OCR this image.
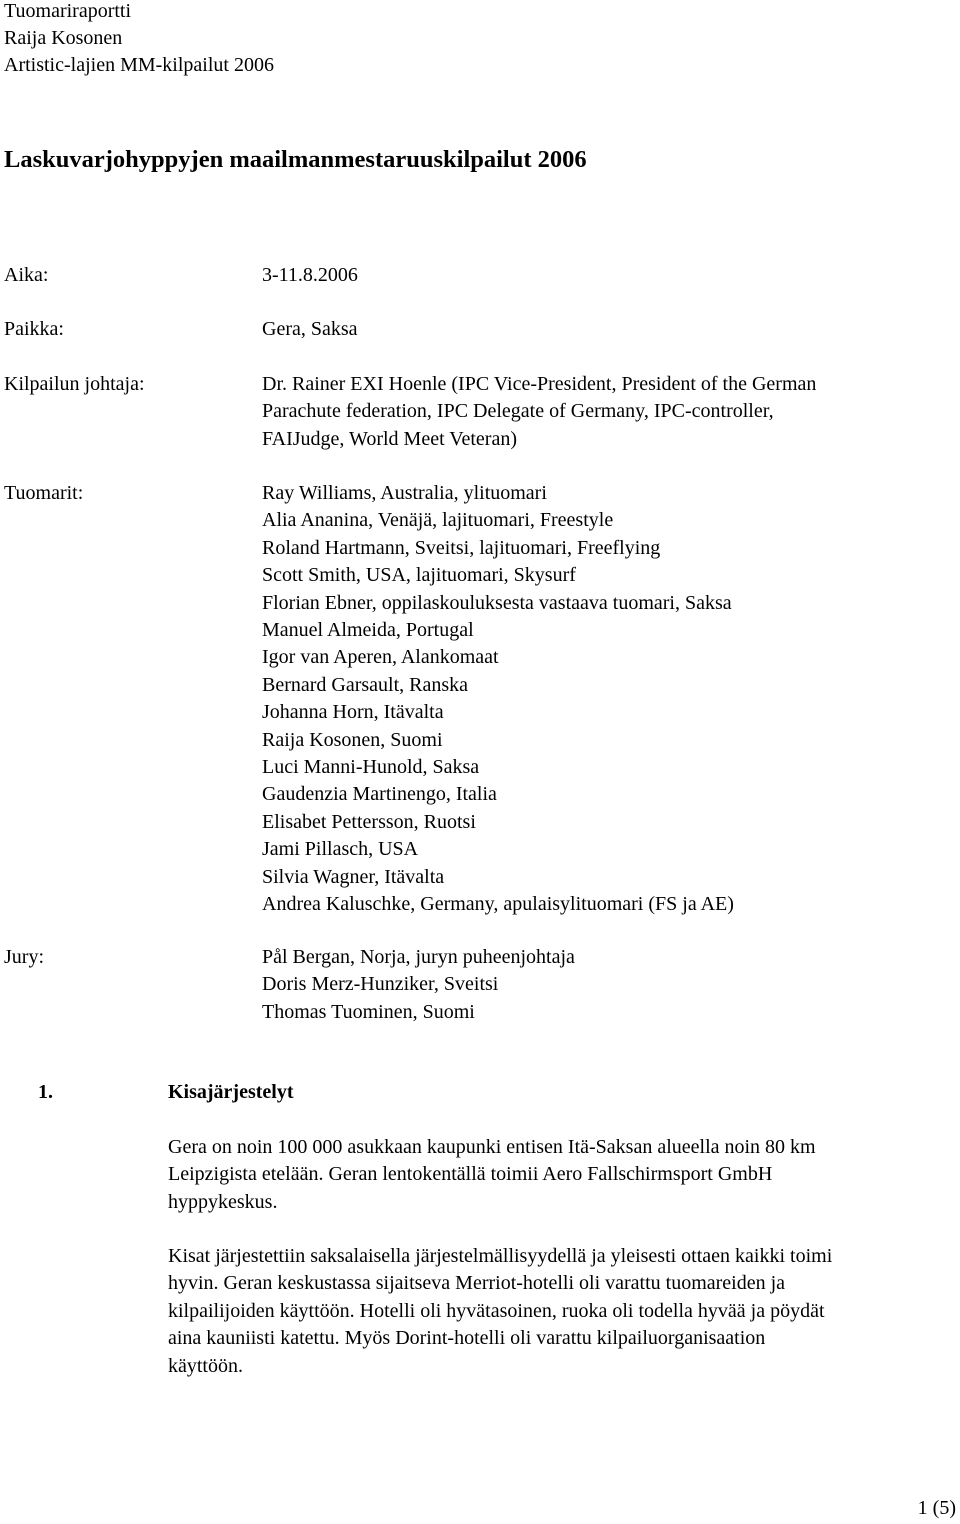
Tuomariraportti
Raija Kosonen
Artistic-lajien MM-kilpailut 2006
Laskuvarjohyppyjen maailmanmestaruuskilpailut 2006
Aika:	3-11.8.2006
Paikka:	Gera, Saksa
Kilpailun johtaja:	Dr. Rainer EXI Hoenle (IPC Vice-President, President of the German
Parachute federation, IPC Delegate of Germany, IPC-controller,
FAIJudge, World Meet Veteran)
Tuomarit:	Ray Williams, Australia, ylituomari
Alia Ananina, Venäjä, lajituomari, Freestyle
Roland Hartmann, Sveitsi, lajituomari, Freeflying
Scott Smith, USA, lajituomari, Skysurf
Florian Ebner, oppilaskouluksesta vastaava tuomari, Saksa
Manuel Almeida, Portugal
Igor van Aperen, Alankomaat
Bernard Garsault, Ranska
Johanna Horn, Itävalta
Raija Kosonen, Suomi
Luci Manni-Hunold, Saksa
Gaudenzia Martinengo, Italia
Elisabet Pettersson, Ruotsi
Jami Pillasch, USA
Silvia Wagner, Itävalta
Andrea Kaluschke, Germany, apulaisylituomari (FS ja AE)
Jury:	Pål Bergan, Norja, juryn puheenjohtaja
Doris Merz-Hunziker, Sveitsi
Thomas Tuominen, Suomi
1.	Kisajärjestelyt
Gera on noin 100 000 asukkaan kaupunki entisen Itä-Saksan alueella noin 80 km
Leipzigista etelään. Geran lentokentällä toimii Aero Fallschirmsport GmbH
hyppykeskus.
Kisat järjestettiin saksalaisella järjestelmällisyydellä ja yleisesti ottaen kaikki toimi
hyvin. Geran keskustassa sijaitseva Merriot-hotelli oli varattu tuomareiden ja
kilpailijoiden käyttöön. Hotelli oli hyvätasoinen, ruoka oli todella hyvää ja pöydät
aina kauniisti katettu. Myös Dorint-hotelli oli varattu kilpailuorganisaation
käyttöön.
1 (5)
